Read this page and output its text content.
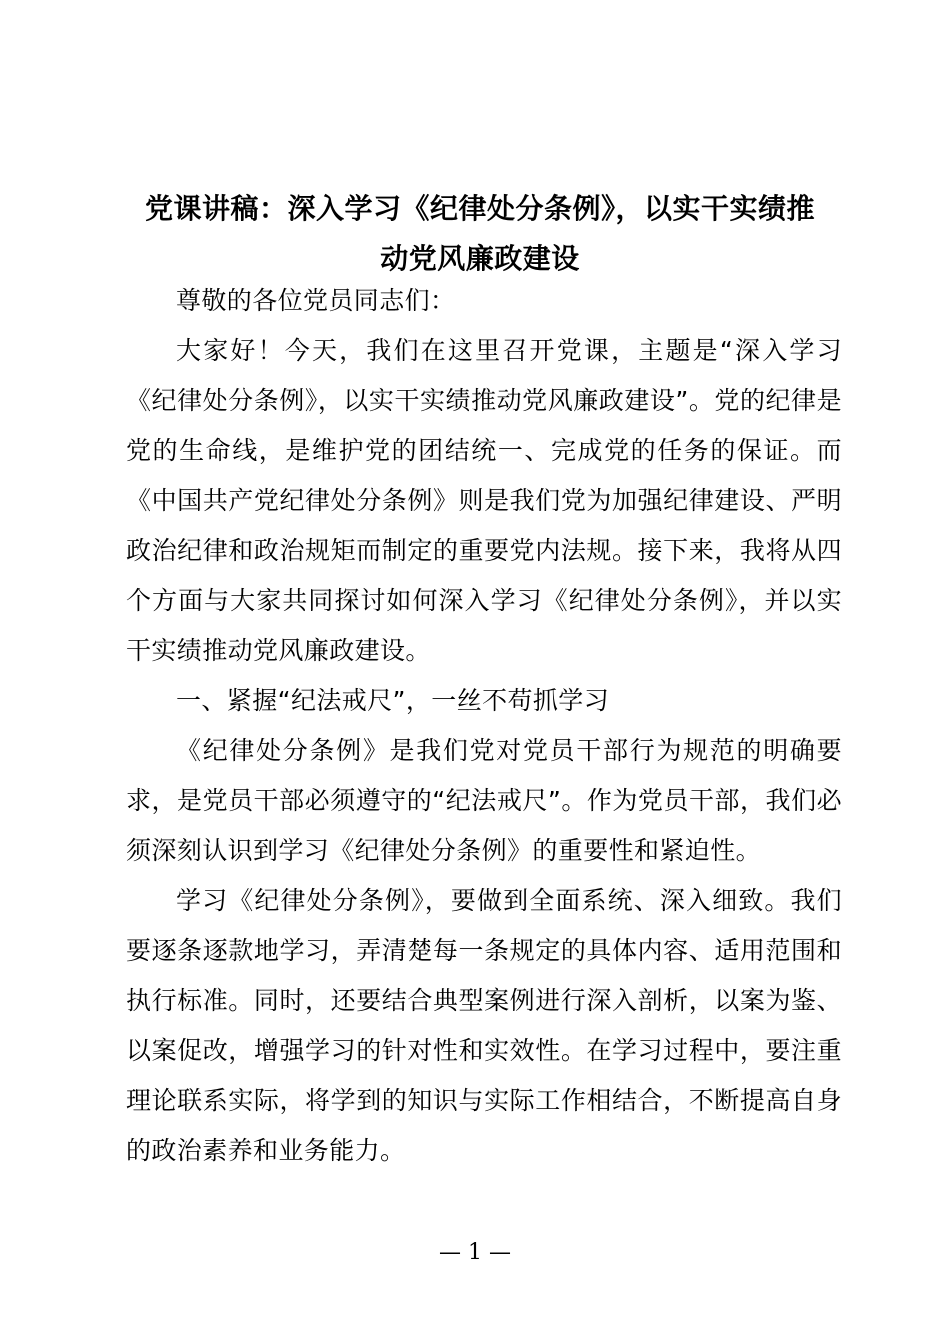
党课讲稿：深入学习《纪律处分条例》，以实干实绩推
动党风廉政建设

尊敬的各位党员同志们：

大家好！今天，我们在这里召开党课，主题是“深入学习《纪律处分条例》，以实干实绩推动党风廉政建设”。党的纪律是党的生命线，是维护党的团结统一、完成党的任务的保证。而《中国共产党纪律处分条例》则是我们党为加强纪律建设、严明政治纪律和政治规矩而制定的重要党内法规。接下来，我将从四个方面与大家共同探讨如何深入学习《纪律处分条例》，并以实干实绩推动党风廉政建设。

一、紧握“纪法戒尺”，一丝不苟抓学习

《纪律处分条例》是我们党对党员干部行为规范的明确要求，是党员干部必须遵守的“纪法戒尺”。作为党员干部，我们必须深刻认识到学习《纪律处分条例》的重要性和紧迫性。

学习《纪律处分条例》，要做到全面系统、深入细致。我们要逐条逐款地学习，弄清楚每一条规定的具体内容、适用范围和执行标准。同时，还要结合典型案例进行深入剖析，以案为鉴、以案促改，增强学习的针对性和实效性。在学习过程中，要注重理论联系实际，将学到的知识与实际工作相结合，不断提高自身的政治素养和业务能力。

— 1 —
